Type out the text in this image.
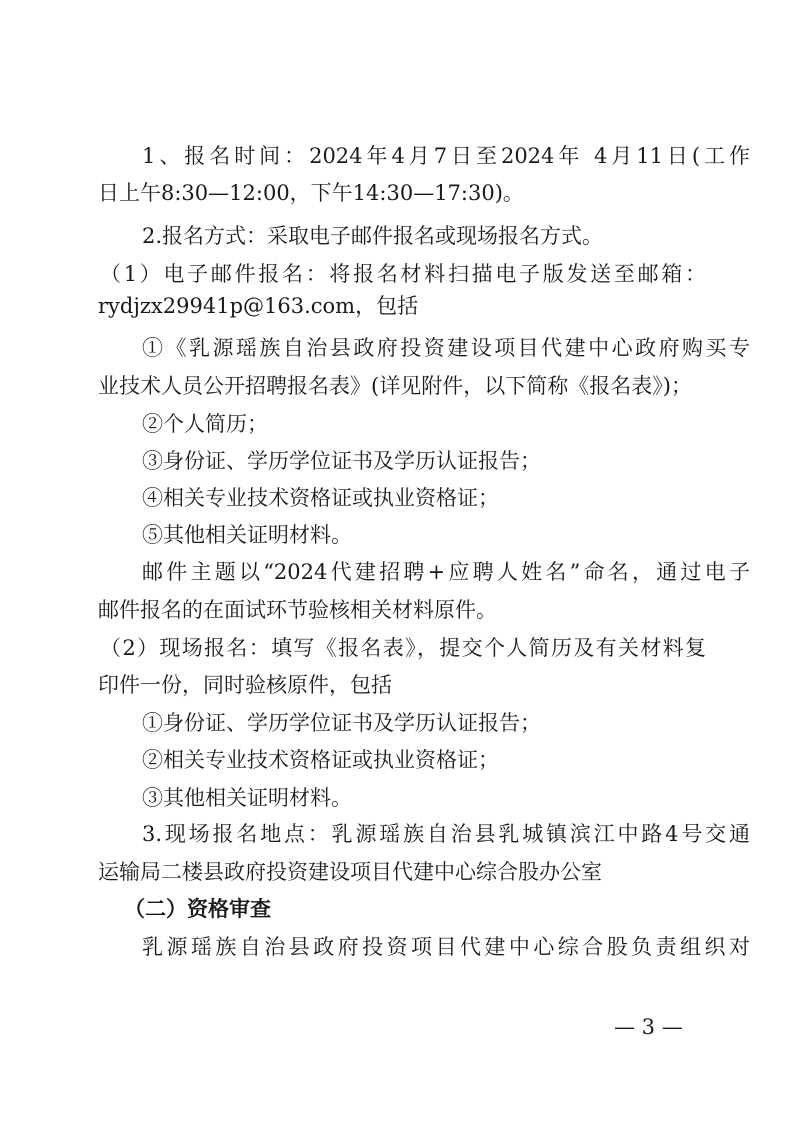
1、报名时间：2024年4月7日至2024年 4月11日(工作
日上午8:30—12:00，下午14:30—17:30)。
2.报名方式：采取电子邮件报名或现场报名方式。
（1）电子邮件报名：将报名材料扫描电子版发送至邮箱：
rydjzx29941p@163.com，包括
①《乳源瑶族自治县政府投资建设项目代建中心政府购买专
业技术人员公开招聘报名表》(详见附件，以下简称《报名表》)；
②个人简历；
③身份证、学历学位证书及学历认证报告；
④相关专业技术资格证或执业资格证；
⑤其他相关证明材料。
邮件主题以“2024代建招聘+应聘人姓名”命名，通过电子
邮件报名的在面试环节验核相关材料原件。
（2）现场报名：填写《报名表》，提交个人简历及有关材料复
印件一份，同时验核原件，包括
①身份证、学历学位证书及学历认证报告；
②相关专业技术资格证或执业资格证；
③其他相关证明材料。
3.现场报名地点：乳源瑶族自治县乳城镇滨江中路4号交通
运输局二楼县政府投资建设项目代建中心综合股办公室
（二）资格审查
乳源瑶族自治县政府投资项目代建中心综合股负责组织对
— 3 —
